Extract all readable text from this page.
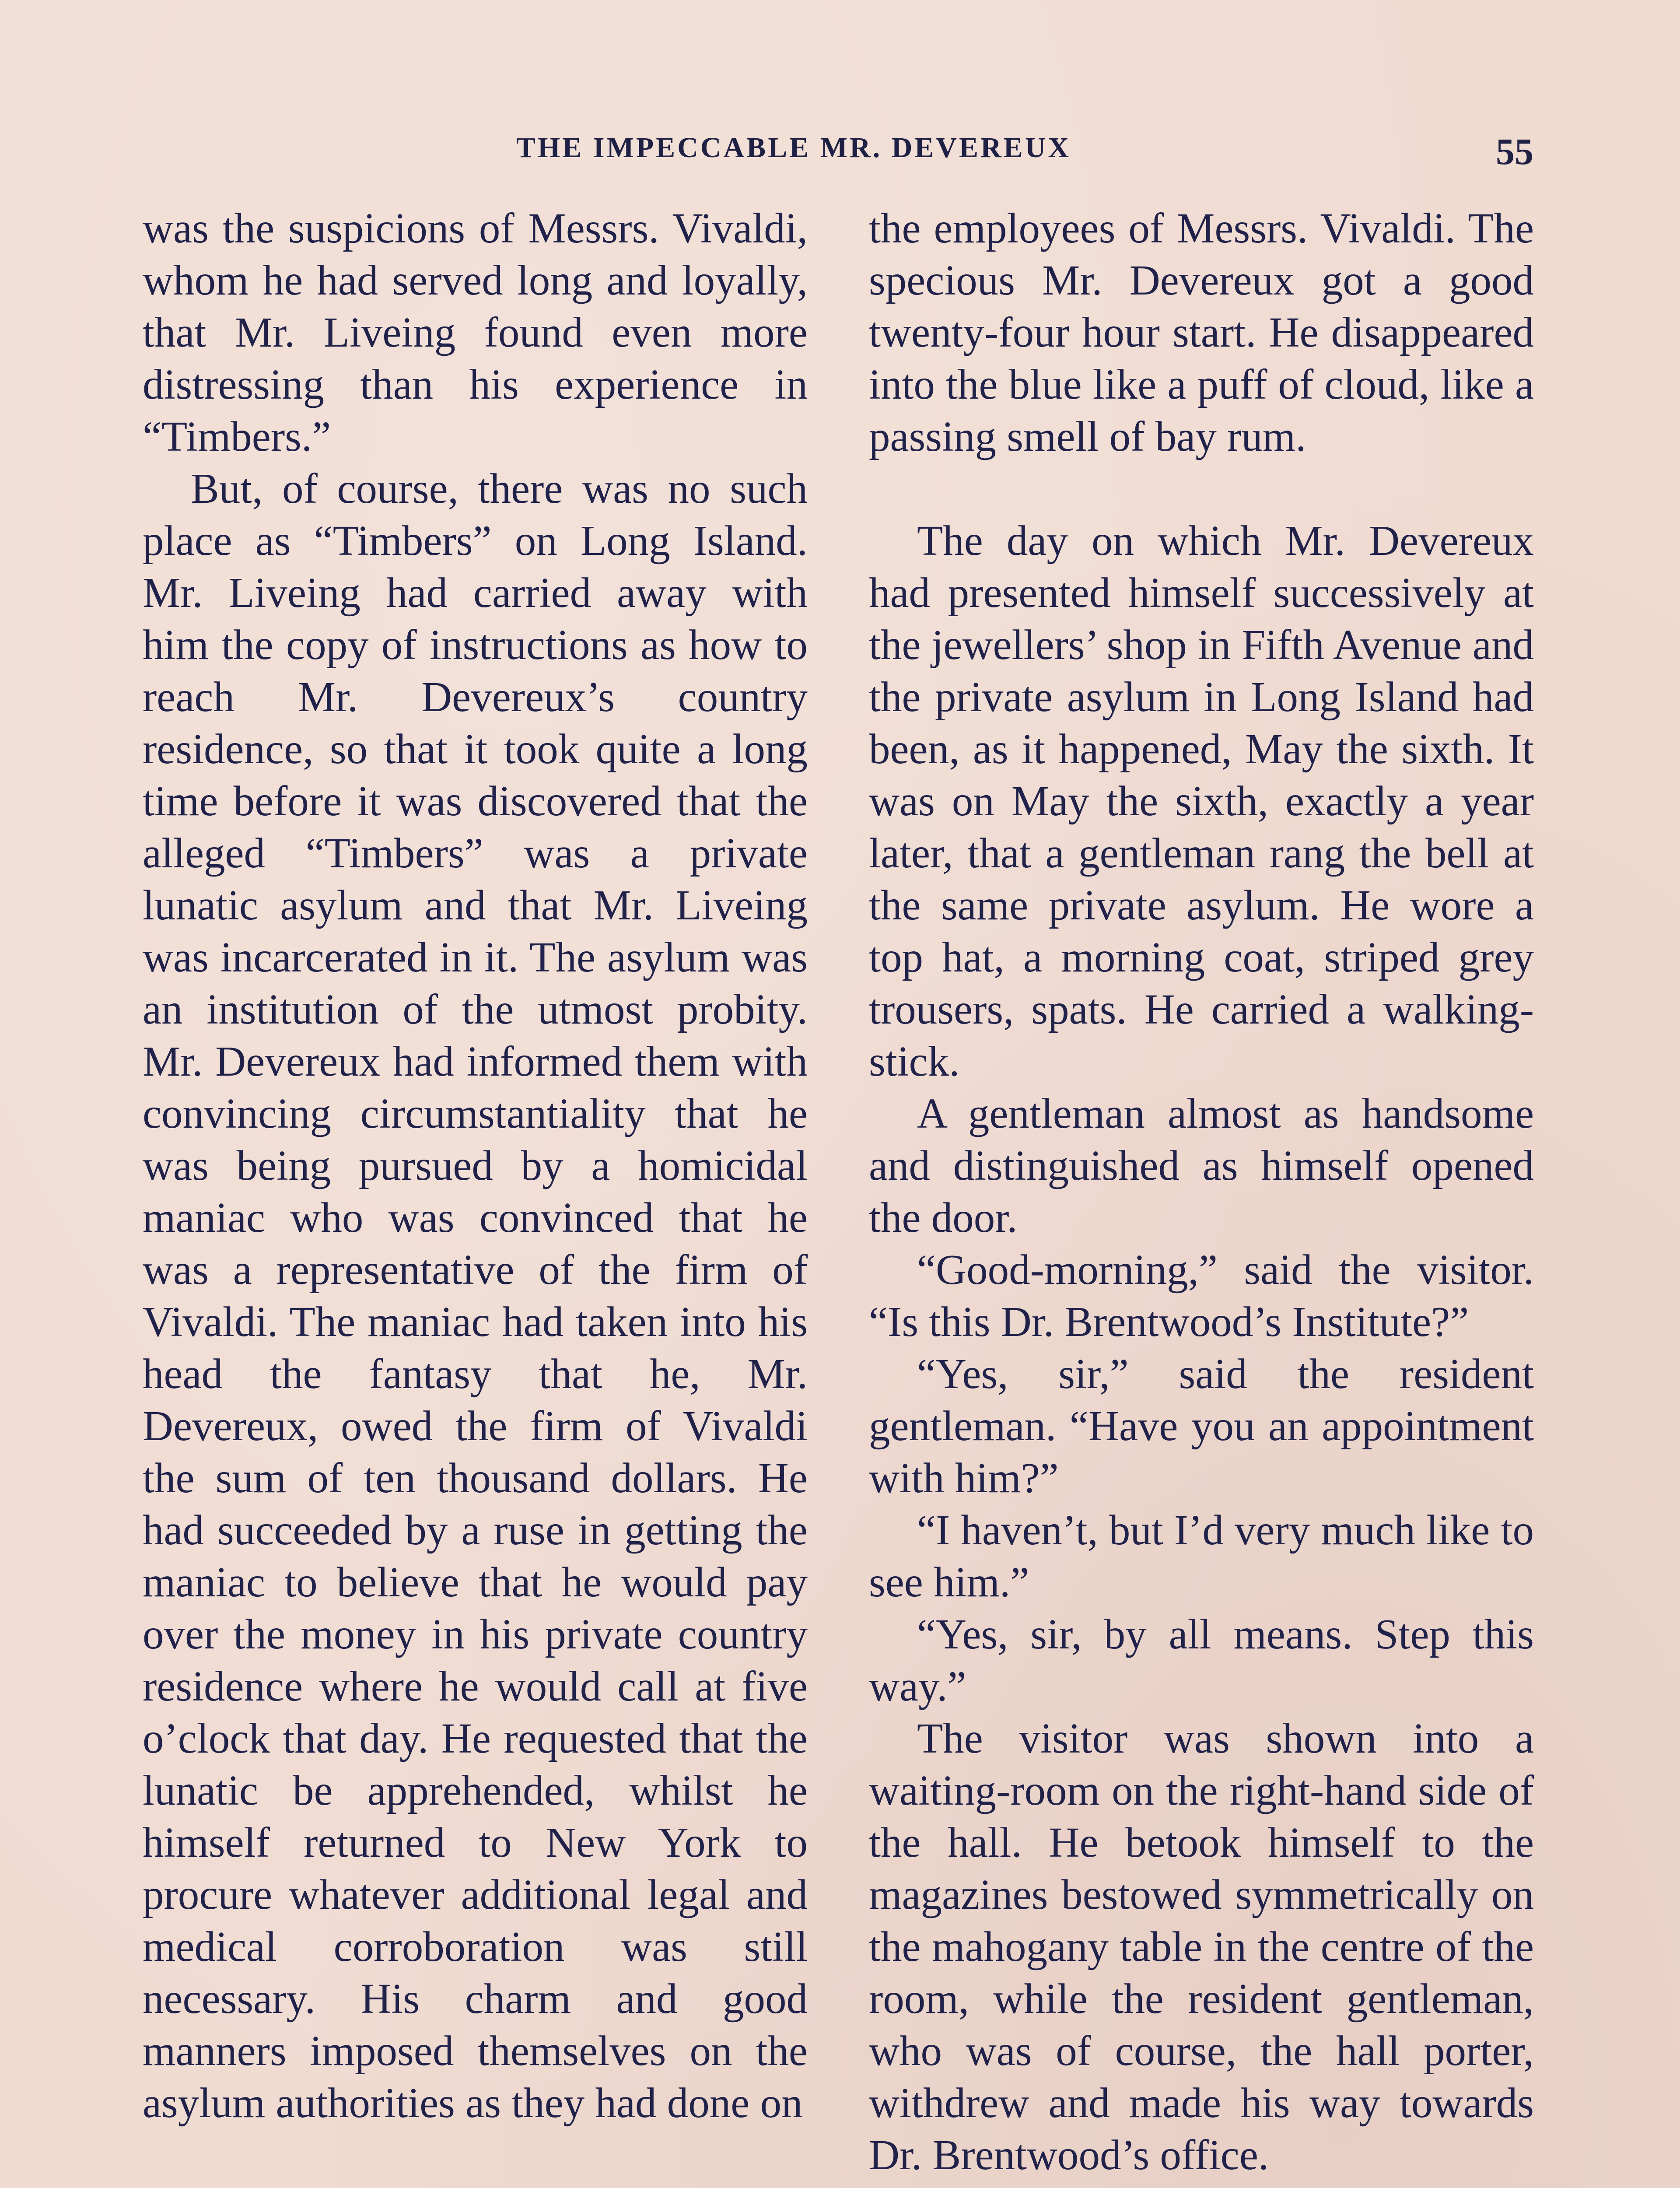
THE IMPECCABLE MR. DEVEREUX	55

was the suspicions of Messrs. Vivaldi, whom he had served long and loyally, that Mr. Liveing found even more distressing than his experience in “Timbers.”

But, of course, there was no such place as “Timbers” on Long Island. Mr. Liveing had carried away with him the copy of instructions as how to reach Mr. Devereux’s country residence, so that it took quite a long time before it was discovered that the alleged “Timbers” was a private lunatic asylum and that Mr. Liveing was incarcerated in it. The asylum was an institution of the utmost probity. Mr. Devereux had informed them with convincing circumstantiality that he was being pursued by a homicidal maniac who was convinced that he was a representative of the firm of Vivaldi. The maniac had taken into his head the fantasy that he, Mr. Devereux, owed the firm of Vivaldi the sum of ten thousand dollars. He had succeeded by a ruse in getting the maniac to believe that he would pay over the money in his private country residence where he would call at five o’clock that day. He requested that the lunatic be apprehended, whilst he himself returned to New York to procure whatever additional legal and medical corroboration was still necessary. His charm and good manners imposed themselves on the asylum authorities as they had done on

the employees of Messrs. Vivaldi. The specious Mr. Devereux got a good twenty-four hour start. He disappeared into the blue like a puff of cloud, like a passing smell of bay rum.

The day on which Mr. Devereux had presented himself successively at the jewellers’ shop in Fifth Avenue and the private asylum in Long Island had been, as it happened, May the sixth. It was on May the sixth, exactly a year later, that a gentleman rang the bell at the same private asylum. He wore a top hat, a morning coat, striped grey trousers, spats. He carried a walking-stick.

A gentleman almost as handsome and distinguished as himself opened the door.

“Good-morning,” said the visitor. “Is this Dr. Brentwood’s Institute?”

“Yes, sir,” said the resident gentleman. “Have you an appointment with him?”

“I haven’t, but I’d very much like to see him.”

“Yes, sir, by all means. Step this way.”

The visitor was shown into a waiting-room on the right-hand side of the hall. He betook himself to the magazines bestowed symmetrically on the mahogany table in the centre of the room, while the resident gentleman, who was of course, the hall porter, withdrew and made his way towards Dr. Brentwood’s office.
